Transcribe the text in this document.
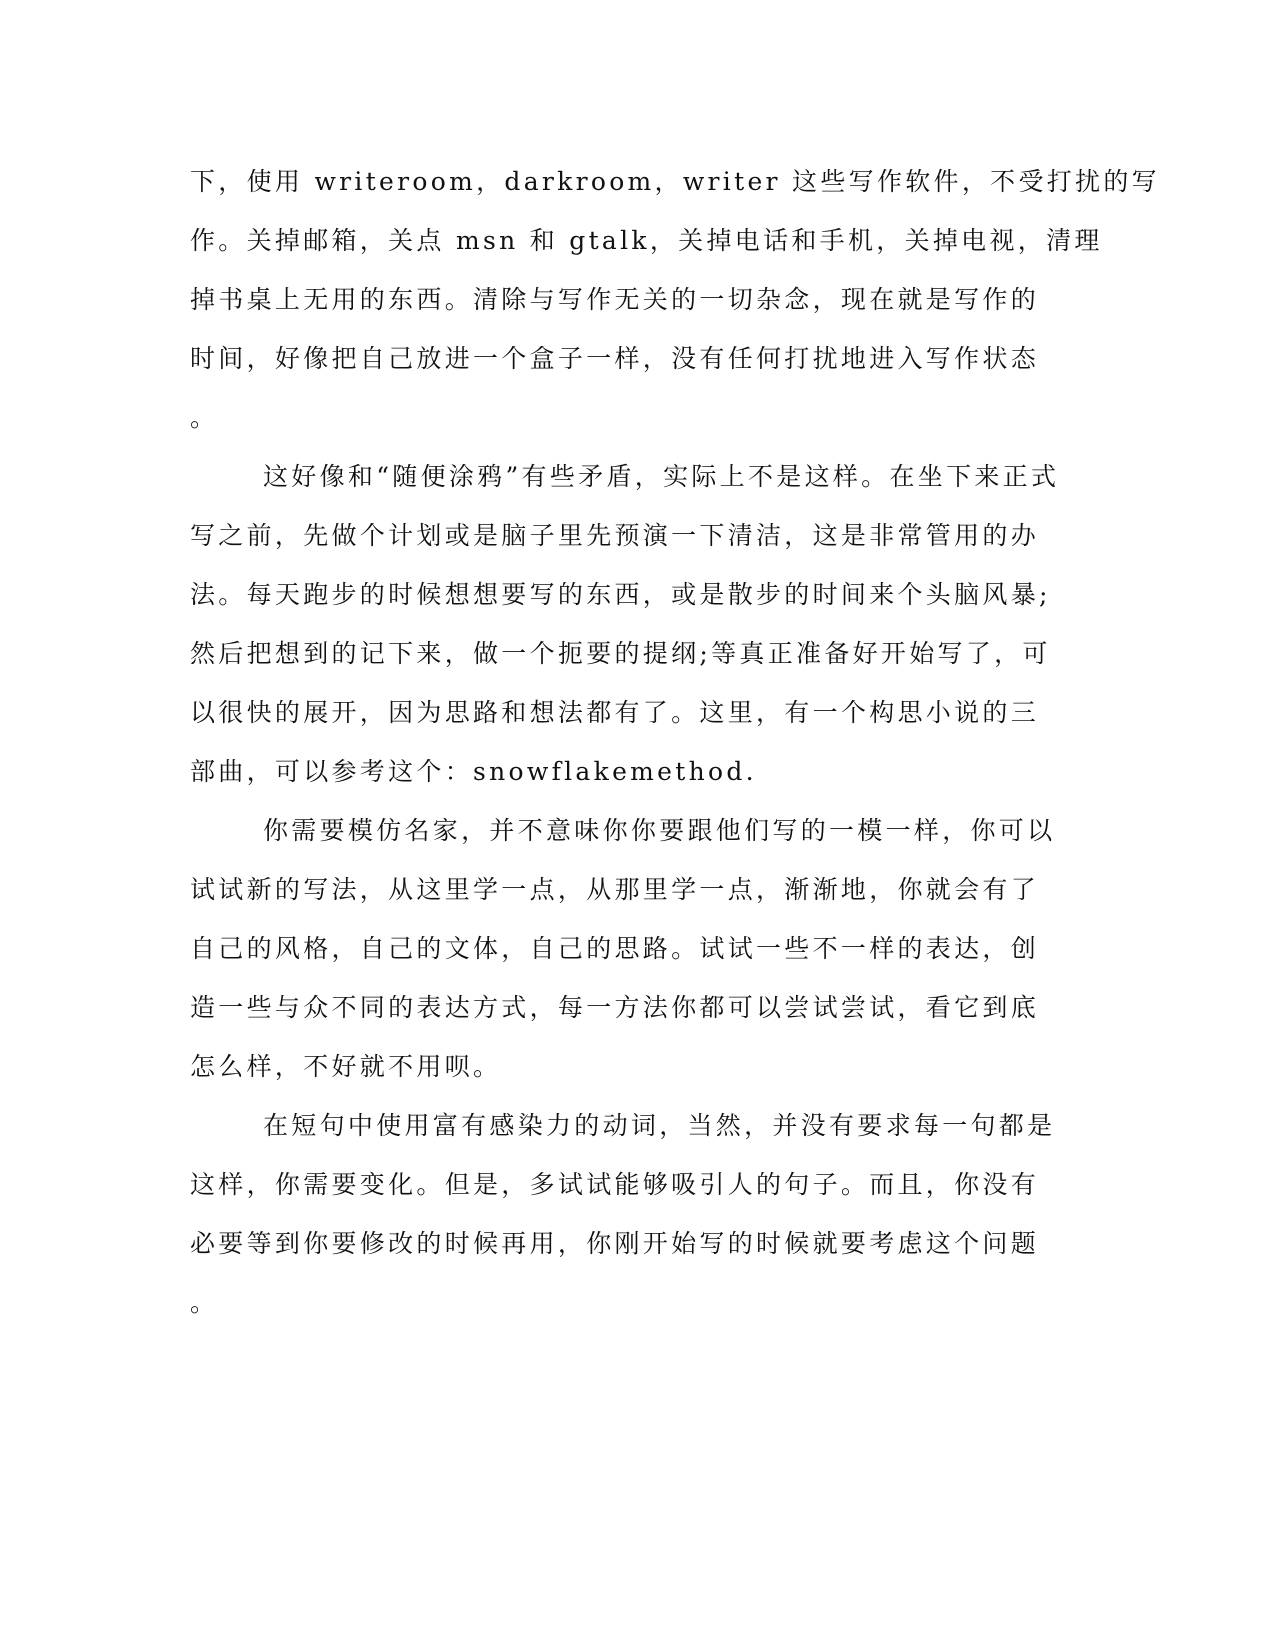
下，使用 writeroom，darkroom，writer 这些写作软件，不受打扰的写
作。关掉邮箱，关点 msn 和 gtalk，关掉电话和手机，关掉电视，清理
掉书桌上无用的东西。清除与写作无关的一切杂念，现在就是写作的
时间，好像把自己放进一个盒子一样，没有任何打扰地进入写作状态
。
这好像和“随便涂鸦”有些矛盾，实际上不是这样。在坐下来正式
写之前，先做个计划或是脑子里先预演一下清洁，这是非常管用的办
法。每天跑步的时候想想要写的东西，或是散步的时间来个头脑风暴;
然后把想到的记下来，做一个扼要的提纲;等真正准备好开始写了，可
以很快的展开，因为思路和想法都有了。这里，有一个构思小说的三
部曲，可以参考这个：snowflakemethod.
你需要模仿名家，并不意味你你要跟他们写的一模一样，你可以
试试新的写法，从这里学一点，从那里学一点，渐渐地，你就会有了
自己的风格，自己的文体，自己的思路。试试一些不一样的表达，创
造一些与众不同的表达方式，每一方法你都可以尝试尝试，看它到底
怎么样，不好就不用呗。
在短句中使用富有感染力的动词，当然，并没有要求每一句都是
这样，你需要变化。但是，多试试能够吸引人的句子。而且，你没有
必要等到你要修改的时候再用，你刚开始写的时候就要考虑这个问题
。
